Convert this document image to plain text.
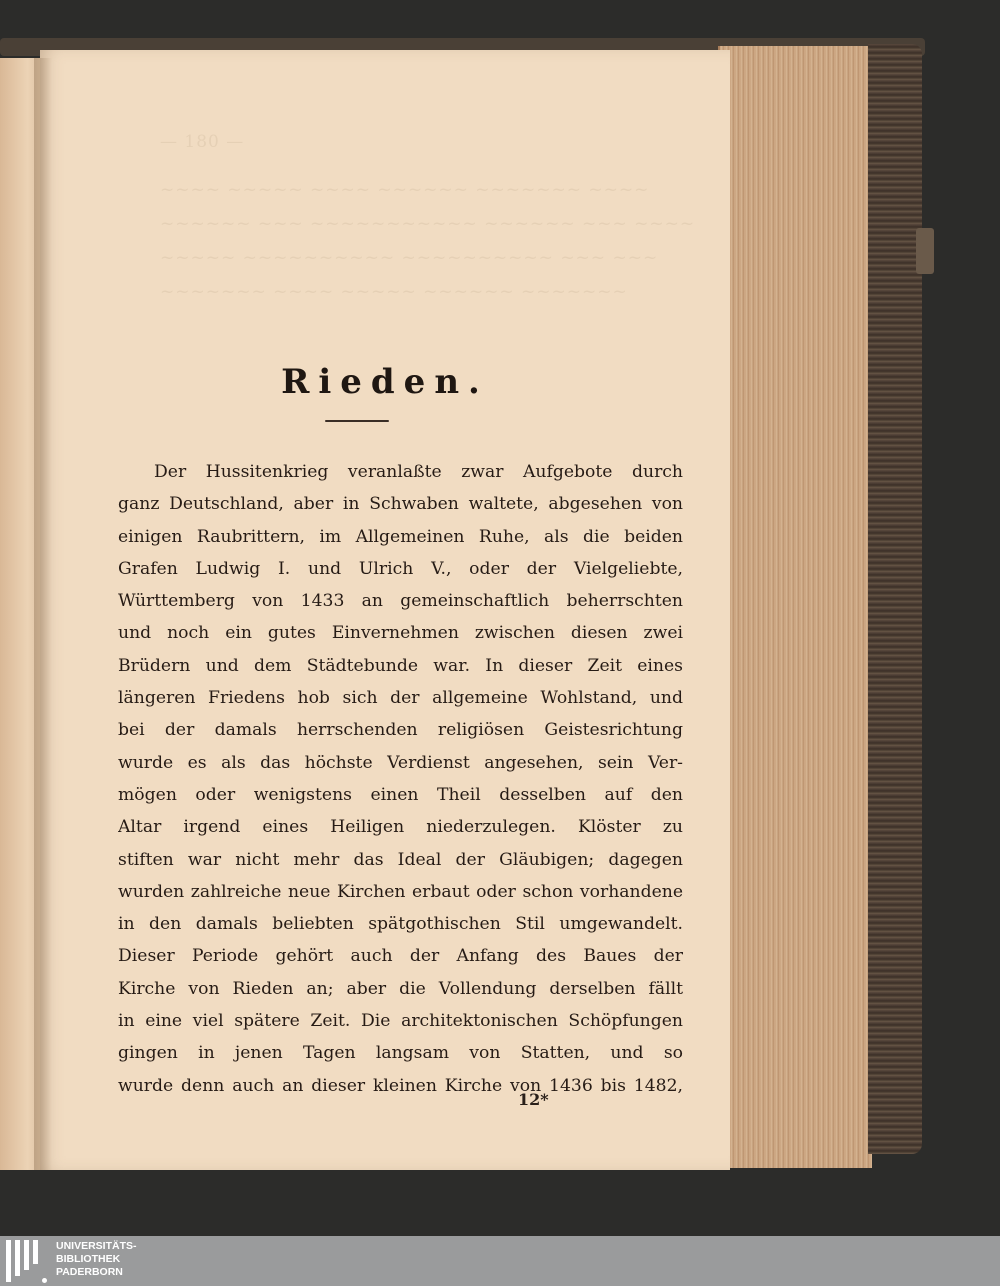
— 180 —
~~~~ ~~~~~ ~~~~ ~~~~~~ ~~~~~~~ ~~~~
~~~~~~ ~~~ ~~~~~~~~~~~ ~~~~~~ ~~~ ~~~~
~~~~~ ~~~~~~~~~~ ~~~~~~~~~~ ~~~ ~~~
~~~~~~~ ~~~~ ~~~~~ ~~~~~~ ~~~~~~~
Rieden.
Der Hussitenkrieg veranlaßte zwar Aufgebote durch
ganz Deutschland, aber in Schwaben waltete, abgesehen von
einigen Raubrittern, im Allgemeinen Ruhe, als die beiden
Grafen Ludwig I. und Ulrich V., oder der Vielgeliebte,
Württemberg von 1433 an gemeinschaftlich beherrschten
und noch ein gutes Einvernehmen zwischen diesen zwei
Brüdern und dem Städtebunde war. In dieser Zeit eines
längeren Friedens hob sich der allgemeine Wohlstand, und
bei der damals herrschenden religiösen Geistesrichtung
wurde es als das höchste Verdienst angesehen, sein Ver-
mögen oder wenigstens einen Theil desselben auf den
Altar irgend eines Heiligen niederzulegen. Klöster zu
stiften war nicht mehr das Ideal der Gläubigen; dagegen
wurden zahlreiche neue Kirchen erbaut oder schon vorhandene
in den damals beliebten spätgothischen Stil umgewandelt.
Dieser Periode gehört auch der Anfang des Baues der
Kirche von Rieden an; aber die Vollendung derselben fällt
in eine viel spätere Zeit. Die architektonischen Schöpfungen
gingen in jenen Tagen langsam von Statten, und so
wurde denn auch an dieser kleinen Kirche von 1436 bis 1482,
12*
UNIVERSITÄTS-
BIBLIOTHEK
PADERBORN
